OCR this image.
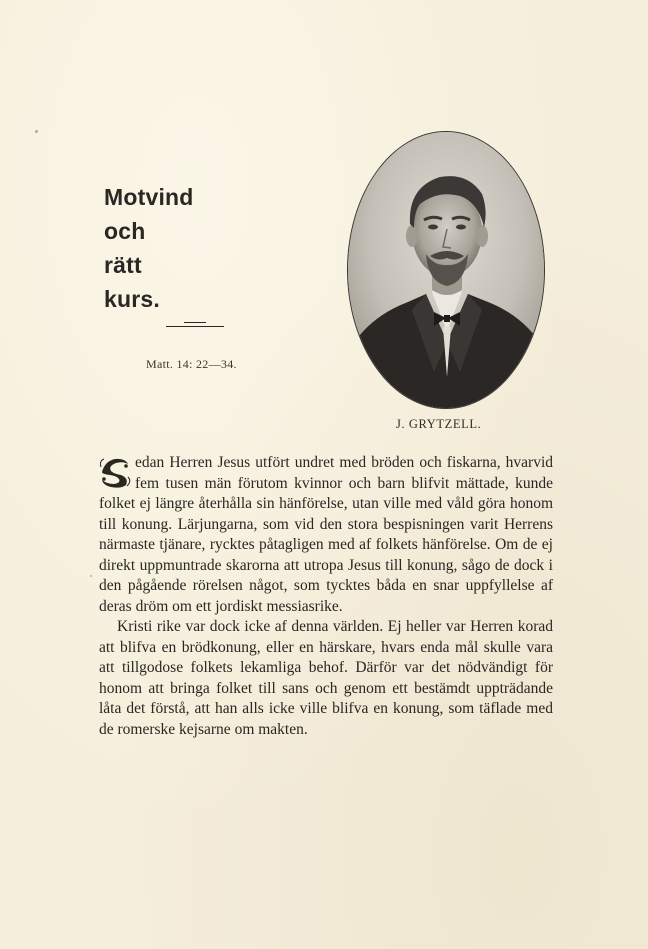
Motvind
och
rätt
kurs.
Matt. 14: 22—34.
J. GRYTZELL.

edan Herren Jesus utfört undret med bröden och fiskarna, hvarvid fem tusen män förutom kvinnor och barn blifvit mättade, kunde folket ej längre återhålla sin hänförelse, utan ville med våld göra honom till konung. Lärjungarna, som vid den stora bespisningen varit Herrens närmaste tjänare, rycktes påtagligen med af folkets hänförelse. Om de ej direkt uppmuntrade skarorna att utropa Jesus till konung, sågo de dock i den pågående rörelsen något, som tycktes båda en snar uppfyllelse af deras dröm om ett jordiskt messiasrike.

Kristi rike var dock icke af denna världen. Ej heller var Herren korad att blifva en brödkonung, eller en härskare, hvars enda mål skulle vara att tillgodose folkets lekamliga behof. Därför var det nödvändigt för honom att bringa folket till sans och genom ett bestämdt uppträdande låta det förstå, att han alls icke ville blifva en konung, som täflade med de romerske kejsarne om makten.
